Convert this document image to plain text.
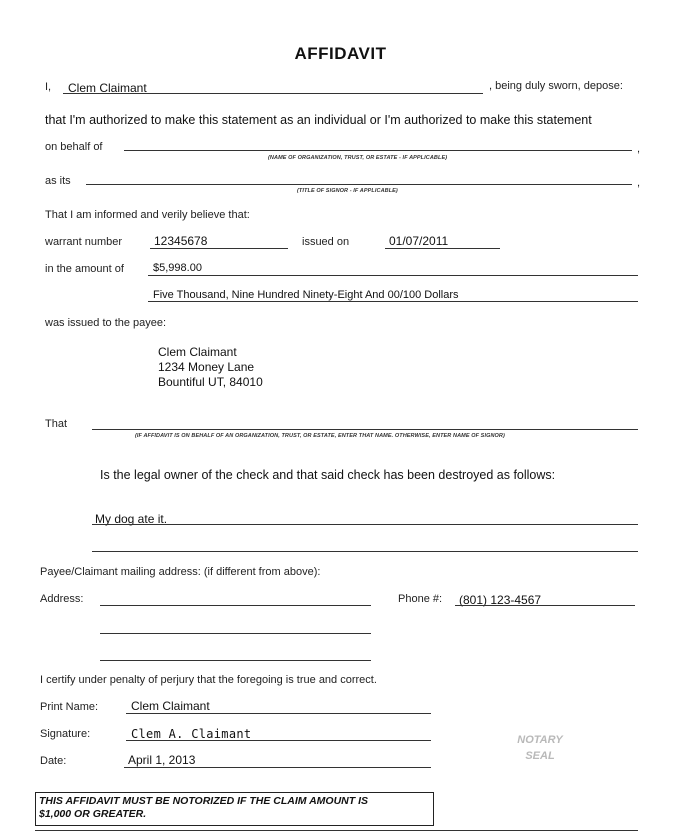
AFFIDAVIT
I, Clem Claimant	, being duly sworn, depose:
that I'm authorized to make this statement as an individual or I'm authorized to make this statement
on behalf of	,
(NAME OF ORGANIZATION, TRUST, OR ESTATE - IF APPLICABLE)
as its	,
(TITLE OF SIGNOR - IF APPLICABLE)
That I am informed and verily believe that:
warrant number	12345678	issued on	01/07/2011
in the amount of	$5,998.00
Five Thousand, Nine Hundred Ninety-Eight And 00/100 Dollars
was issued to the payee:
Clem Claimant
1234 Money Lane
Bountiful UT, 84010
That
(IF AFFIDAVIT IS ON BEHALF OF AN ORGANIZATION, TRUST, OR ESTATE, ENTER THAT NAME. OTHERWISE, ENTER NAME OF SIGNOR)
Is the legal owner of the check and that said check has been destroyed as follows:
My dog ate it.
Payee/Claimant mailing address: (if different from above):
Address:	Phone #: (801) 123-4567
I certify under penalty of perjury that the foregoing is true and correct.
Print Name:	Clem Claimant
Signature:	Clem A. Claimant
Date:	April 1, 2013
NOTARY
SEAL
THIS AFFIDAVIT MUST BE NOTORIZED IF THE CLAIM AMOUNT IS
$1,000 OR GREATER.
